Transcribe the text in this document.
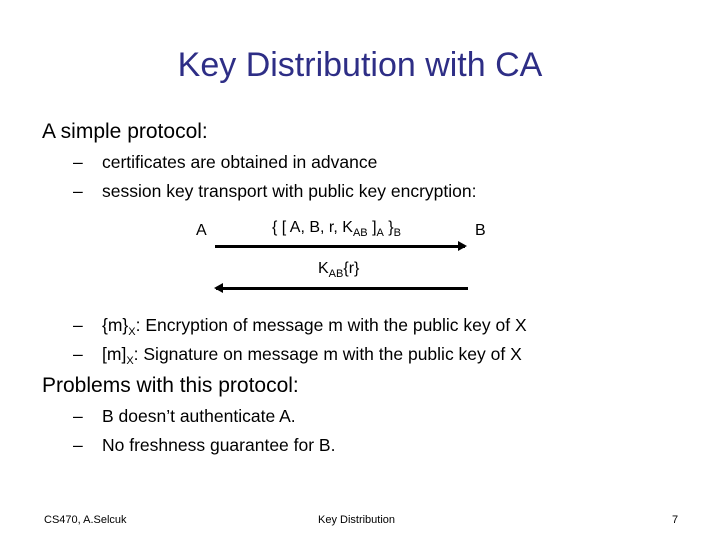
Key Distribution with CA
A simple protocol:
– certificates are obtained in advance
– session key transport with public key encryption:
A	B
{ [ A, B, r, $K_{AB}$ ]$_A$ }$_B$
$K_{AB}\{r\}$
– $\{m\}_X$: Encryption of message m with the public key of X
– $[m]_X$: Signature on message m with the public key of X
Problems with this protocol:
– B doesn’t authenticate A.
– No freshness guarantee for B.
CS470, A.Selcuk	Key Distribution	7
